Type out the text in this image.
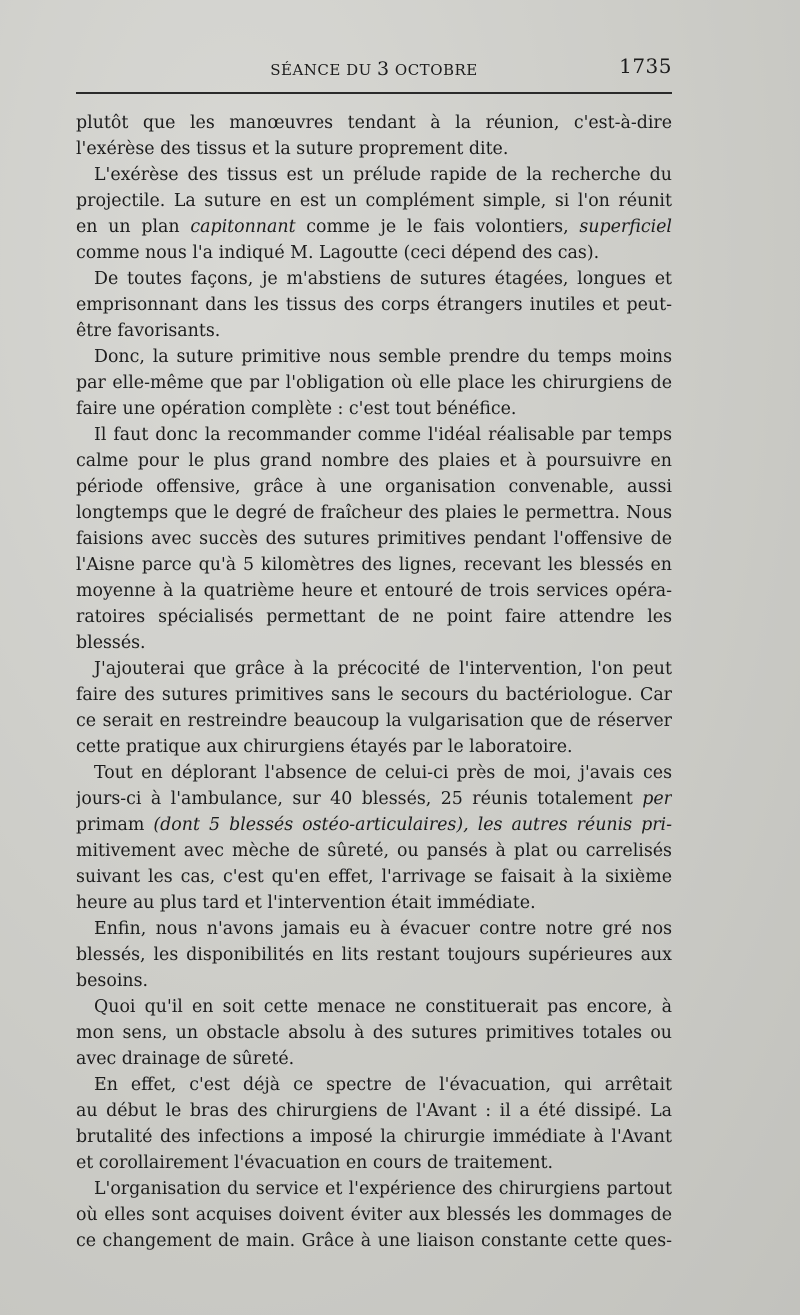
SÉANCE DU 3 OCTOBRE	1735
plutôt que les manœuvres tendant à la réunion, c'est-à-dire
l'exérèse des tissus et la suture proprement dite.
L'exérèse des tissus est un prélude rapide de la recherche du
projectile. La suture en est un complément simple, si l'on réunit
en un plan capitonnant comme je le fais volontiers, superficiel
comme nous l'a indiqué M. Lagoutte (ceci dépend des cas).
De toutes façons, je m'abstiens de sutures étagées, longues et
emprisonnant dans les tissus des corps étrangers inutiles et peut-
être favorisants.
Donc, la suture primitive nous semble prendre du temps moins
par elle-même que par l'obligation où elle place les chirurgiens de
faire une opération complète : c'est tout bénéfice.
Il faut donc la recommander comme l'idéal réalisable par temps
calme pour le plus grand nombre des plaies et à poursuivre en
période offensive, grâce à une organisation convenable, aussi
longtemps que le degré de fraîcheur des plaies le permettra. Nous
faisions avec succès des sutures primitives pendant l'offensive de
l'Aisne parce qu'à 5 kilomètres des lignes, recevant les blessés en
moyenne à la quatrième heure et entouré de trois services opéra-
ratoires spécialisés permettant de ne point faire attendre les
blessés.
J'ajouterai que grâce à la précocité de l'intervention, l'on peut
faire des sutures primitives sans le secours du bactériologue. Car
ce serait en restreindre beaucoup la vulgarisation que de réserver
cette pratique aux chirurgiens étayés par le laboratoire.
Tout en déplorant l'absence de celui-ci près de moi, j'avais ces
jours-ci à l'ambulance, sur 40 blessés, 25 réunis totalement per
primam (dont 5 blessés ostéo-articulaires), les autres réunis pri-
mitivement avec mèche de sûreté, ou pansés à plat ou carrelisés
suivant les cas, c'est qu'en effet, l'arrivage se faisait à la sixième
heure au plus tard et l'intervention était immédiate.
Enfin, nous n'avons jamais eu à évacuer contre notre gré nos
blessés, les disponibilités en lits restant toujours supérieures aux
besoins.
Quoi qu'il en soit cette menace ne constituerait pas encore, à
mon sens, un obstacle absolu à des sutures primitives totales ou
avec drainage de sûreté.
En effet, c'est déjà ce spectre de l'évacuation, qui arrêtait
au début le bras des chirurgiens de l'Avant : il a été dissipé. La
brutalité des infections a imposé la chirurgie immédiate à l'Avant
et corollairement l'évacuation en cours de traitement.
L'organisation du service et l'expérience des chirurgiens partout
où elles sont acquises doivent éviter aux blessés les dommages de
ce changement de main. Grâce à une liaison constante cette ques-
